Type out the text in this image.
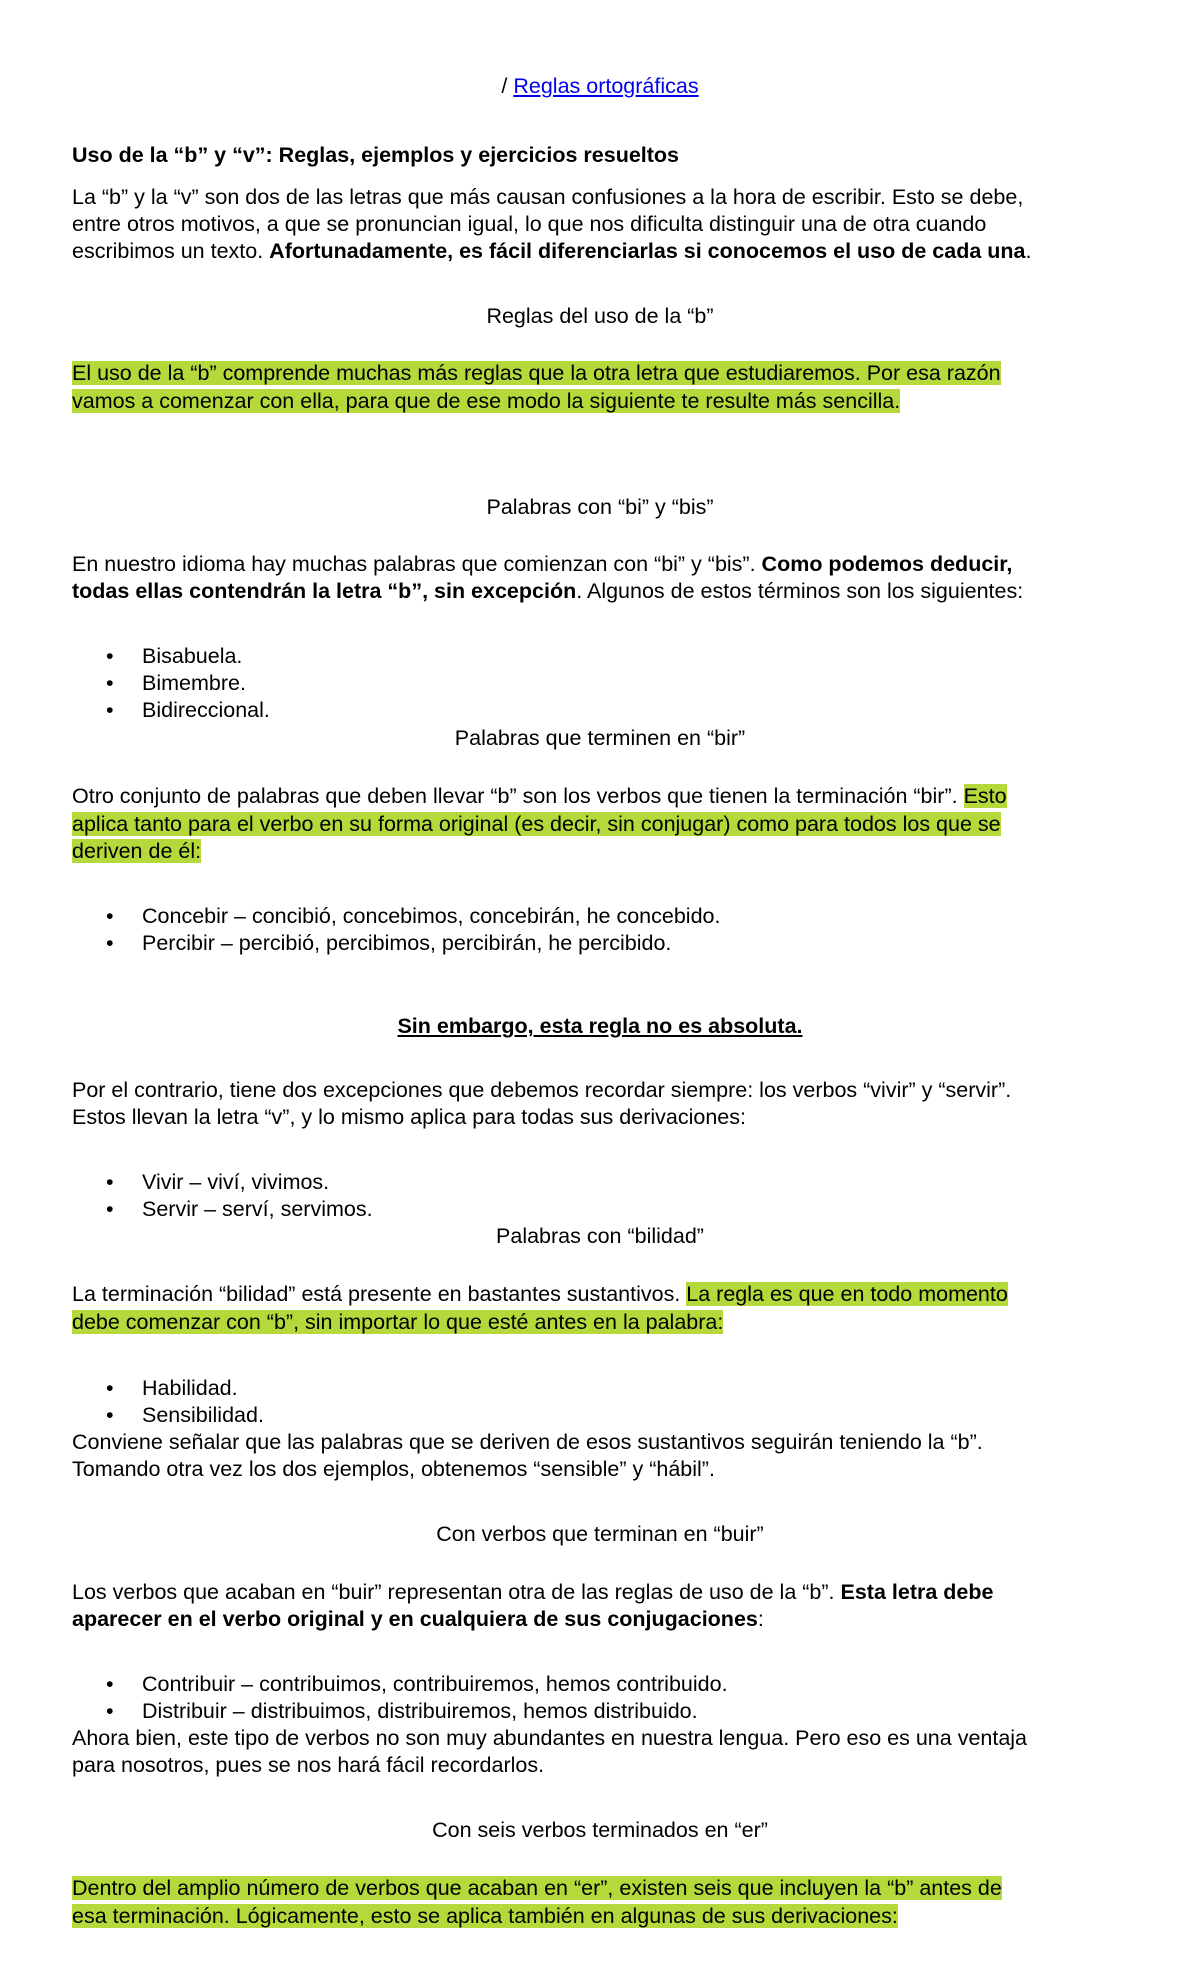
/ Reglas ortográficas
Uso de la “b” y “v”: Reglas, ejemplos y ejercicios resueltos
La “b” y la “v” son dos de las letras que más causan confusiones a la hora de escribir. Esto se debe,
entre otros motivos, a que se pronuncian igual, lo que nos dificulta distinguir una de otra cuando
escribimos un texto. Afortunadamente, es fácil diferenciarlas si conocemos el uso de cada una.
Reglas del uso de la “b”
El uso de la “b” comprende muchas más reglas que la otra letra que estudiaremos. Por esa razón
vamos a comenzar con ella, para que de ese modo la siguiente te resulte más sencilla.
Palabras con “bi” y “bis”
En nuestro idioma hay muchas palabras que comienzan con “bi” y “bis”. Como podemos deducir,
todas ellas contendrán la letra “b”, sin excepción. Algunos de estos términos son los siguientes:
Bisabuela.
Bimembre.
Bidireccional.
Palabras que terminen en “bir”
Otro conjunto de palabras que deben llevar “b” son los verbos que tienen la terminación “bir”. Esto
aplica tanto para el verbo en su forma original (es decir, sin conjugar) como para todos los que se
deriven de él:
Concebir – concibió, concebimos, concebirán, he concebido.
Percibir – percibió, percibimos, percibirán, he percibido.
Sin embargo, esta regla no es absoluta.
Por el contrario, tiene dos excepciones que debemos recordar siempre: los verbos “vivir” y “servir”.
Estos llevan la letra “v”, y lo mismo aplica para todas sus derivaciones:
Vivir – viví, vivimos.
Servir – serví, servimos.
Palabras con “bilidad”
La terminación “bilidad” está presente en bastantes sustantivos. La regla es que en todo momento
debe comenzar con “b”, sin importar lo que esté antes en la palabra:
Habilidad.
Sensibilidad.
Conviene señalar que las palabras que se deriven de esos sustantivos seguirán teniendo la “b”.
Tomando otra vez los dos ejemplos, obtenemos “sensible” y “hábil”.
Con verbos que terminan en “buir”
Los verbos que acaban en “buir” representan otra de las reglas de uso de la “b”. Esta letra debe
aparecer en el verbo original y en cualquiera de sus conjugaciones:
Contribuir – contribuimos, contribuiremos, hemos contribuido.
Distribuir – distribuimos, distribuiremos, hemos distribuido.
Ahora bien, este tipo de verbos no son muy abundantes en nuestra lengua. Pero eso es una ventaja
para nosotros, pues se nos hará fácil recordarlos.
Con seis verbos terminados en “er”
Dentro del amplio número de verbos que acaban en “er”, existen seis que incluyen la “b” antes de
esa terminación. Lógicamente, esto se aplica también en algunas de sus derivaciones:
